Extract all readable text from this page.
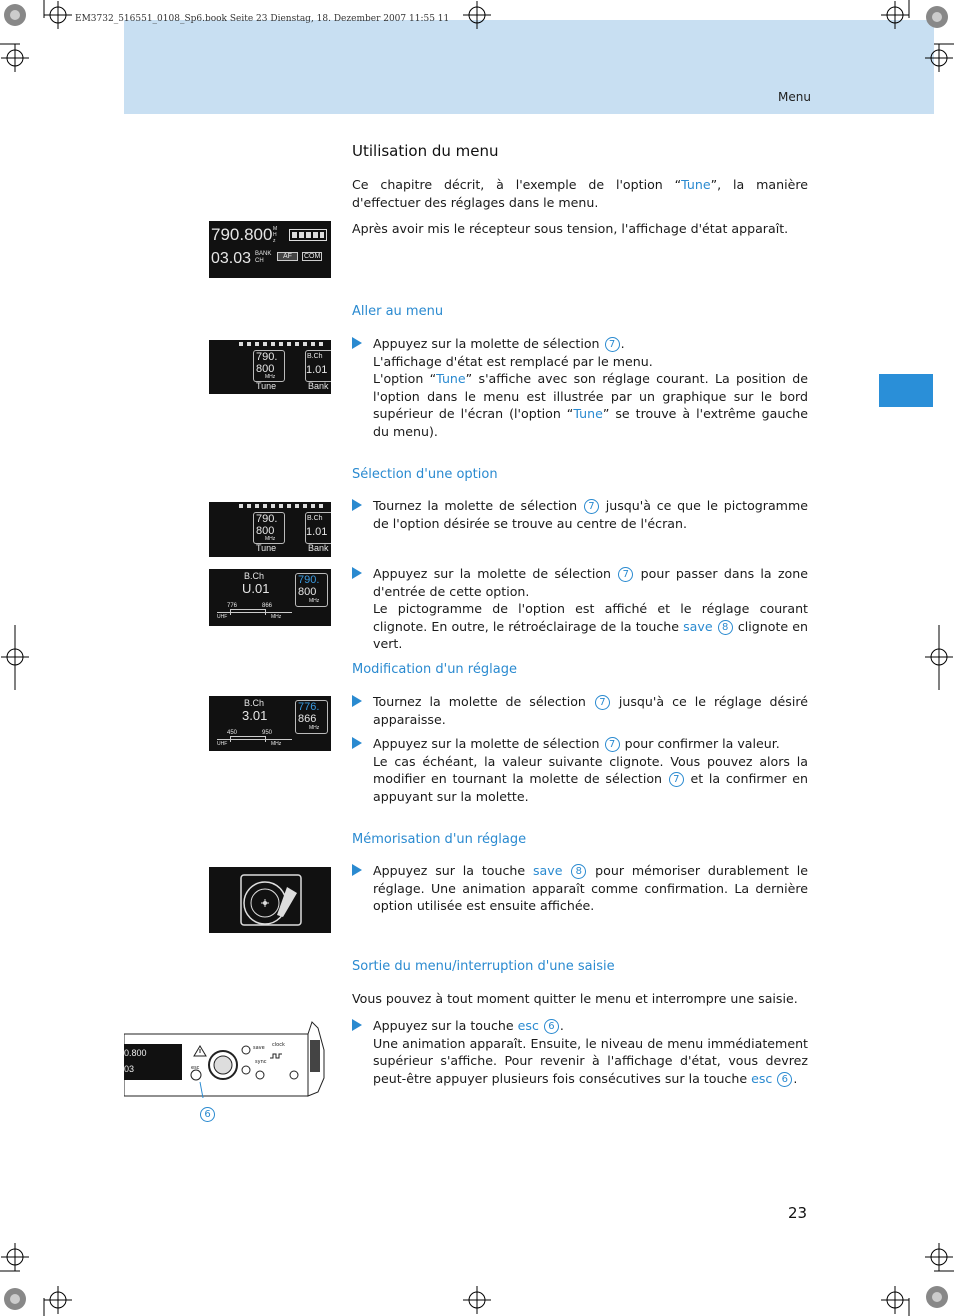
EM3732_516551_0108_Sp6.book Seite 23 Dienstag, 18. Dezember 2007 11:55 11
Menu
Utilisation du menu
Ce chapitre décrit, à l'exemple de l'option “Tune”, la manière d'effectuer des réglages dans le menu.
Après avoir mis le récepteur sous tension, l'affichage d'état apparaît.
790.800 MHz
03.03 BANK
CH
AF	COM
Aller au menu
790.
800
MHz
Tune
B.Ch
1.01
Bank
Appuyez sur la molette de sélection 7 .
L'affichage d'état est remplacé par le menu.
L'option “Tune” s'affiche avec son réglage courant. La position de l'option dans le menu est illustrée par un graphique sur le bord supérieur de l'écran (l'option “Tune” se trouve à l'extrême gauche du menu).
Sélection d'une option
790.
800
MHz
Tune
B.Ch
1.01
Bank
Tournez la molette de sélection 7 jusqu'à ce que le pictogramme de l'option désirée se trouve au centre de l'écran.
B.Ch
U.01
790.
800
MHz
776	866
UHF	MHz
Appuyez sur la molette de sélection 7 pour passer dans la zone d'entrée de cette option.
Le pictogramme de l'option est affiché et le réglage courant clignote. En outre, le rétroéclairage de la touche save 8 clignote en vert.
Modification d'un réglage
B.Ch
3.01
776.
866
MHz
450	950
UHF	MHz
Tournez la molette de sélection 7 jusqu'à ce le réglage désiré apparaisse.
Appuyez sur la molette de sélection 7 pour confirmer la valeur.
Le cas échéant, la valeur suivante clignote. Vous pouvez alors la modifier en tournant la molette de sélection 7 et la confirmer en appuyant sur la molette.
Mémorisation d'un réglage
Appuyez sur la touche save 8 pour mémoriser durablement le réglage. Une animation apparaît comme confirmation. La dernière option utilisée est ensuite affichée.
Sortie du menu/interruption d'une saisie
Vous pouvez à tout moment quitter le menu et interrompre une saisie.
Appuyez sur la touche esc 6 .
Une animation apparaît. Ensuite, le niveau de menu immédiatement supérieur s'affiche. Pour revenir à l'affichage d'état, vous devrez peut-être appuyer plusieurs fois consécutives sur la touche esc 6 .
0.800
03	esc
save clock
sync
6
23
